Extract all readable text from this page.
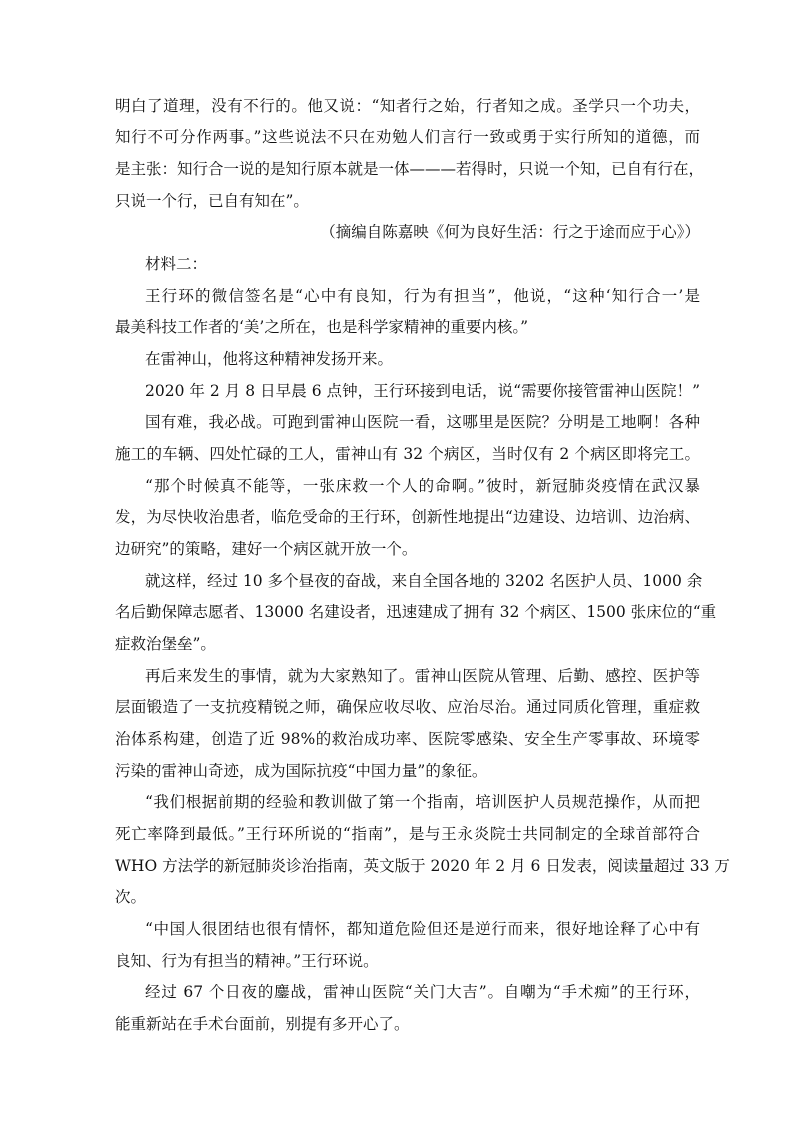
明白了道理，没有不行的。他又说：“知者行之始，行者知之成。圣学只一个功夫，
知行不可分作两事。”这些说法不只在劝勉人们言行一致或勇于实行所知的道德，而
是主张：知行合一说的是知行原本就是一体———若得时，只说一个知，已自有行在，
只说一个行，已自有知在”。
（摘编自陈嘉映《何为良好生活：行之于途而应于心》）
材料二：
王行环的微信签名是“心中有良知，行为有担当”，他说，“这种‘知行合一’是
最美科技工作者的‘美’之所在，也是科学家精神的重要内核。”
在雷神山，他将这种精神发扬开来。
2020 年 2 月 8 日早晨 6 点钟，王行环接到电话，说“需要你接管雷神山医院！”
国有难，我必战。可跑到雷神山医院一看，这哪里是医院？分明是工地啊！各种
施工的车辆、四处忙碌的工人，雷神山有 32 个病区，当时仅有 2 个病区即将完工。
“那个时候真不能等，一张床救一个人的命啊。”彼时，新冠肺炎疫情在武汉暴
发，为尽快收治患者，临危受命的王行环，创新性地提出“边建设、边培训、边治病、
边研究”的策略，建好一个病区就开放一个。
就这样，经过 10 多个昼夜的奋战，来自全国各地的 3202 名医护人员、1000 余
名后勤保障志愿者、13000 名建设者，迅速建成了拥有 32 个病区、1500 张床位的“重
症救治堡垒”。
再后来发生的事情，就为大家熟知了。雷神山医院从管理、后勤、感控、医护等
层面锻造了一支抗疫精锐之师，确保应收尽收、应治尽治。通过同质化管理，重症救
治体系构建，创造了近 98%的救治成功率、医院零感染、安全生产零事故、环境零
污染的雷神山奇迹，成为国际抗疫“中国力量”的象征。
“我们根据前期的经验和教训做了第一个指南，培训医护人员规范操作，从而把
死亡率降到最低。”王行环所说的“指南”，是与王永炎院士共同制定的全球首部符合
WHO 方法学的新冠肺炎诊治指南，英文版于 2020 年 2 月 6 日发表，阅读量超过 33 万
次。
“中国人很团结也很有情怀，都知道危险但还是逆行而来，很好地诠释了心中有
良知、行为有担当的精神。”王行环说。
经过 67 个日夜的鏖战，雷神山医院“关门大吉”。自嘲为“手术痴”的王行环，
能重新站在手术台面前，别提有多开心了。
